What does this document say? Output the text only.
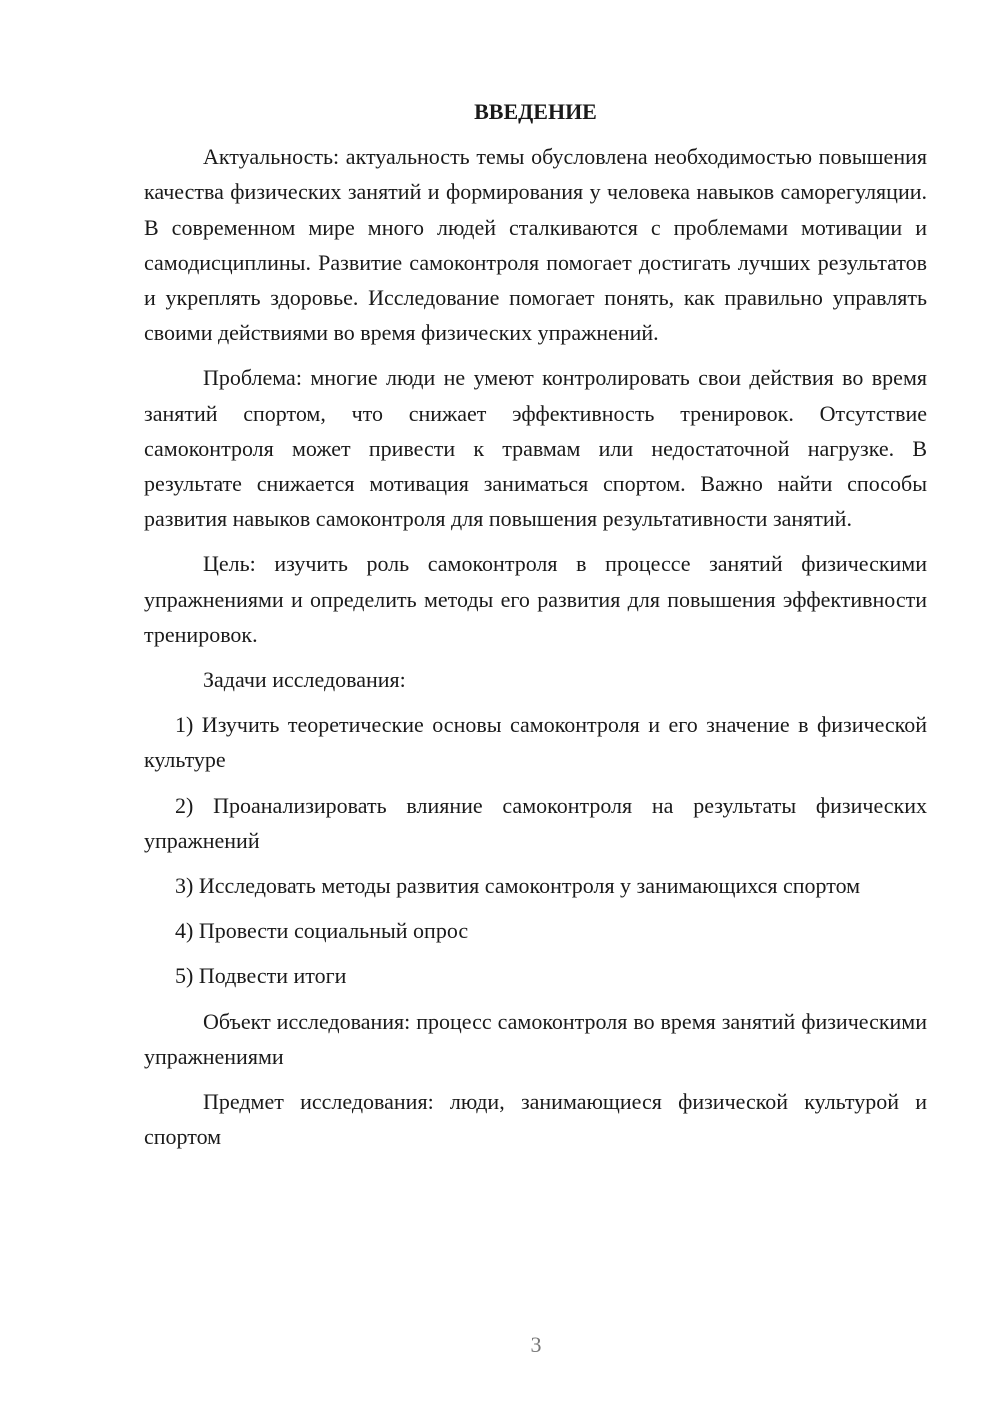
ВВЕДЕНИЕ

Актуальность: актуальность темы обусловлена необходимостью повышения качества физических занятий и формирования у человека навыков саморегуляции. В современном мире много людей сталкиваются с проблемами мотивации и самодисциплины. Развитие самоконтроля помогает достигать лучших результатов и укреплять здоровье. Исследование помогает понять, как правильно управлять своими действиями во время физических упражнений.

Проблема: многие люди не умеют контролировать свои действия во время занятий спортом, что снижает эффективность тренировок. Отсутствие самоконтроля может привести к травмам или недостаточной нагрузке. В результате снижается мотивация заниматься спортом. Важно найти способы развития навыков самоконтроля для повышения результативности занятий.

Цель: изучить роль самоконтроля в процессе занятий физическими упражнениями и определить методы его развития для повышения эффективности тренировок.

Задачи исследования:

1) Изучить теоретические основы самоконтроля и его значение в физической культуре

2) Проанализировать влияние самоконтроля на результаты физических упражнений

3) Исследовать методы развития самоконтроля у занимающихся спортом

4) Провести социальный опрос

5) Подвести итоги

Объект исследования: процесс самоконтроля во время занятий физическими упражнениями

Предмет исследования: люди, занимающиеся физической культурой и спортом

3
